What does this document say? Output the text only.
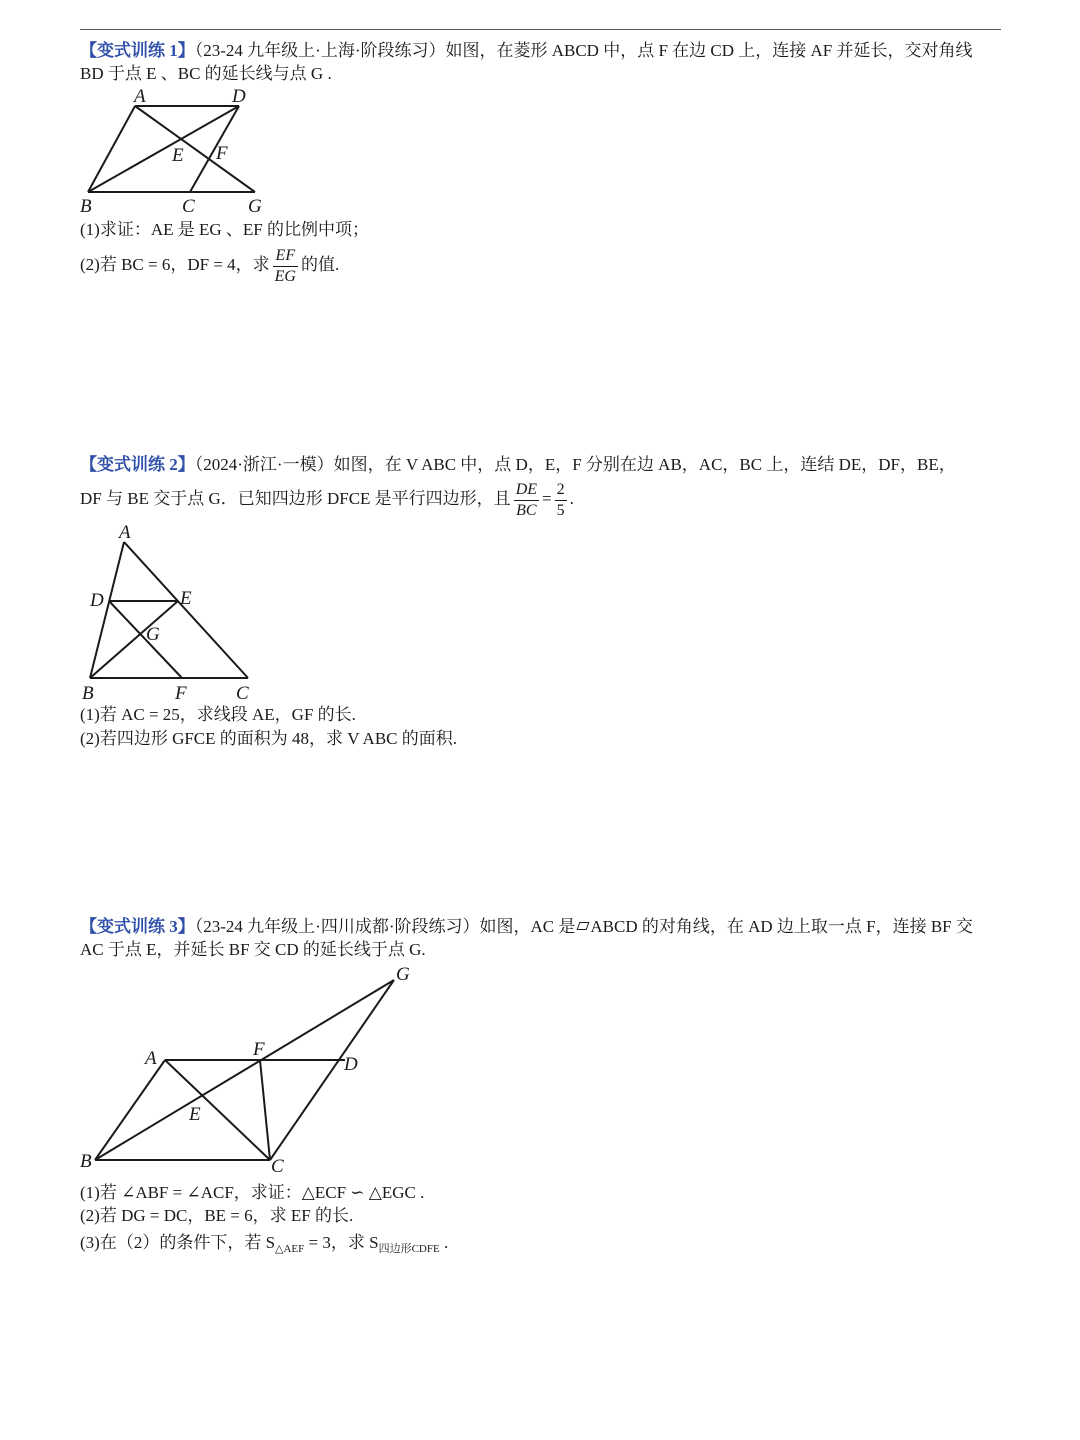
【变式训练 1】（23-24 九年级上·上海·阶段练习）如图，在菱形 ABCD 中，点 F 在边 CD 上，连接 AF 并延长，交对角线
BD 于点 E 、BC 的延长线与点 G .
A	D
E F
B	C	G
(1)求证：AE 是 EG 、EF 的比例中项；
(2)若 BC = 6，DF = 4，求 $\frac{EF}{EG}$ 的值.
【变式训练 2】（2024·浙江·一模）如图，在 V ABC 中，点 D，E，F 分别在边 AB，AC，BC 上，连结 DE，DF，BE，
DF 与 BE 交于点 G．已知四边形 DFCE 是平行四边形，且 $\frac{DE}{BC} = \frac{2}{5}$ .
A
D	E
G
B	F	C
(1)若 AC = 25，求线段 AE，GF 的长.
(2)若四边形 GFCE 的面积为 48，求 V ABC 的面积.
【变式训练 3】（23-24 九年级上·四川成都·阶段练习）如图，AC 是 ABCD 的对角线，在 AD 边上取一点 F，连接 BF 交
AC 于点 E，并延长 BF 交 CD 的延长线于点 G.
G
A	F
D
E
B	C
(1)若 ∠ABF = ∠ACF，求证：△ECF ∽ △EGC .
(2)若 DG = DC，BE = 6，求 EF 的长.
(3)在（2）的条件下，若 $S_{\triangle AEF} = 3$，求 $S_{四边形CDFE}$ .
